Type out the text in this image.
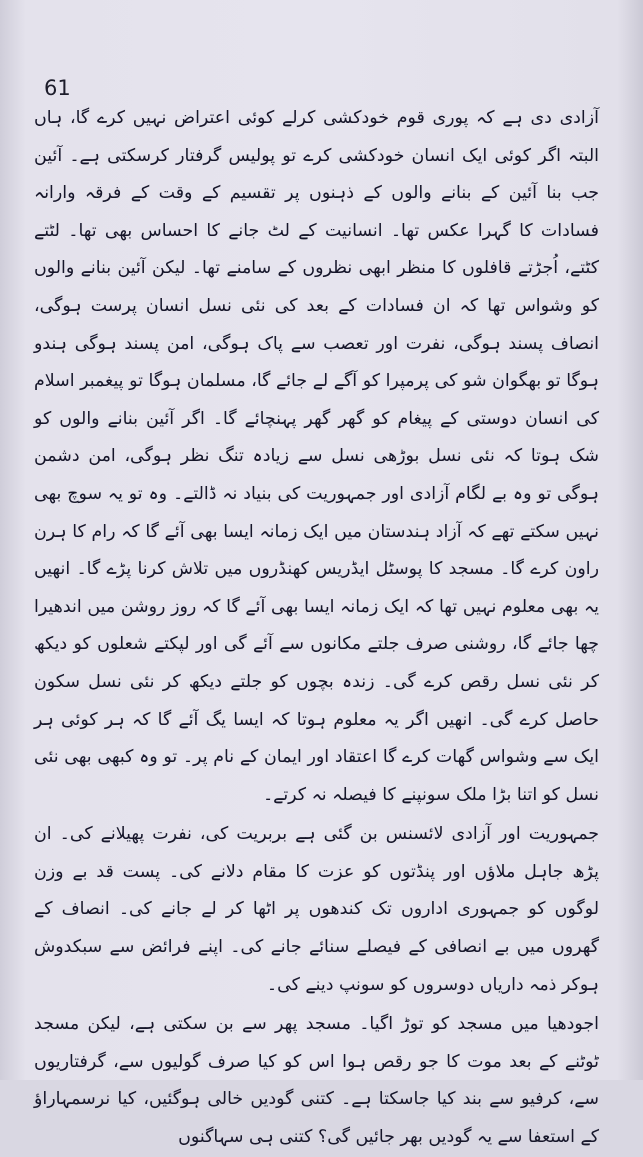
61

آزادی دی ہے کہ پوری قوم خودکشی کرلے کوئی اعتراض نہیں کرے گا، ہاں البتہ اگر کوئی ایک انسان خودکشی کرے تو پولیس گرفتار کرسکتی ہے۔ آئین جب بنا آئین کے بنانے والوں کے ذہنوں پر تقسیم کے وقت کے فرقہ وارانہ فسادات کا گہرا عکس تھا۔ انسانیت کے لٹ جانے کا احساس بھی تھا۔ لٹتے کٹتے، اُجڑتے قافلوں کا منظر ابھی نظروں کے سامنے تھا۔ لیکن آئین بنانے والوں کو وشواس تھا کہ ان فسادات کے بعد کی نئی نسل انسان پرست ہوگی، انصاف پسند ہوگی، نفرت اور تعصب سے پاک ہوگی، امن پسند ہوگی ہندو ہوگا تو بھگوان شو کی پرمپرا کو آگے لے جائے گا، مسلمان ہوگا تو پیغمبر اسلام کی انسان دوستی کے پیغام کو گھر گھر پہنچائے گا۔ اگر آئین بنانے والوں کو شک ہوتا کہ نئی نسل بوڑھی نسل سے زیادہ تنگ نظر ہوگی، امن دشمن ہوگی تو وہ بے لگام آزادی اور جمہوریت کی بنیاد نہ ڈالتے۔ وہ تو یہ سوچ بھی نہیں سکتے تھے کہ آزاد ہندستان میں ایک زمانہ ایسا بھی آئے گا کہ رام کا ہرن راون کرے گا۔ مسجد کا پوسٹل ایڈریس کھنڈروں میں تلاش کرنا پڑے گا۔ انھیں یہ بھی معلوم نہیں تھا کہ ایک زمانہ ایسا بھی آئے گا کہ روز روشن میں اندھیرا چھا جائے گا، روشنی صرف جلتے مکانوں سے آئے گی اور لپکتے شعلوں کو دیکھ کر نئی نسل رقص کرے گی۔ زندہ بچوں کو جلتے دیکھ کر نئی نسل سکون حاصل کرے گی۔ انھیں اگر یہ معلوم ہوتا کہ ایسا یگ آئے گا کہ ہر کوئی ہر ایک سے وشواس گھات کرے گا اعتقاد اور ایمان کے نام پر۔ تو وہ کبھی بھی نئی نسل کو اتنا بڑا ملک سونپنے کا فیصلہ نہ کرتے۔

جمہوریت اور آزادی لائسنس بن گئی ہے بربریت کی، نفرت پھیلانے کی۔ ان پڑھ جاہل ملاؤں اور پنڈتوں کو عزت کا مقام دلانے کی۔ پست قد بے وزن لوگوں کو جمہوری اداروں تک کندھوں پر اٹھا کر لے جانے کی۔ انصاف کے گھروں میں بے انصافی کے فیصلے سنائے جانے کی۔ اپنے فرائض سے سبکدوش ہوکر ذمہ داریاں دوسروں کو سونپ دینے کی۔

اجودھیا میں مسجد کو توڑ اگیا۔ مسجد پھر سے بن سکتی ہے، لیکن مسجد ٹوٹنے کے بعد موت کا جو رقص ہوا اس کو کیا صرف گولیوں سے، گرفتاریوں سے، کرفیو سے بند کیا جاسکتا ہے۔ کتنی گودیں خالی ہوگئیں، کیا نرسمہاراؤ کے استعفا سے یہ گودیں بھر جائیں گی؟ کتنی ہی سہاگنوں
